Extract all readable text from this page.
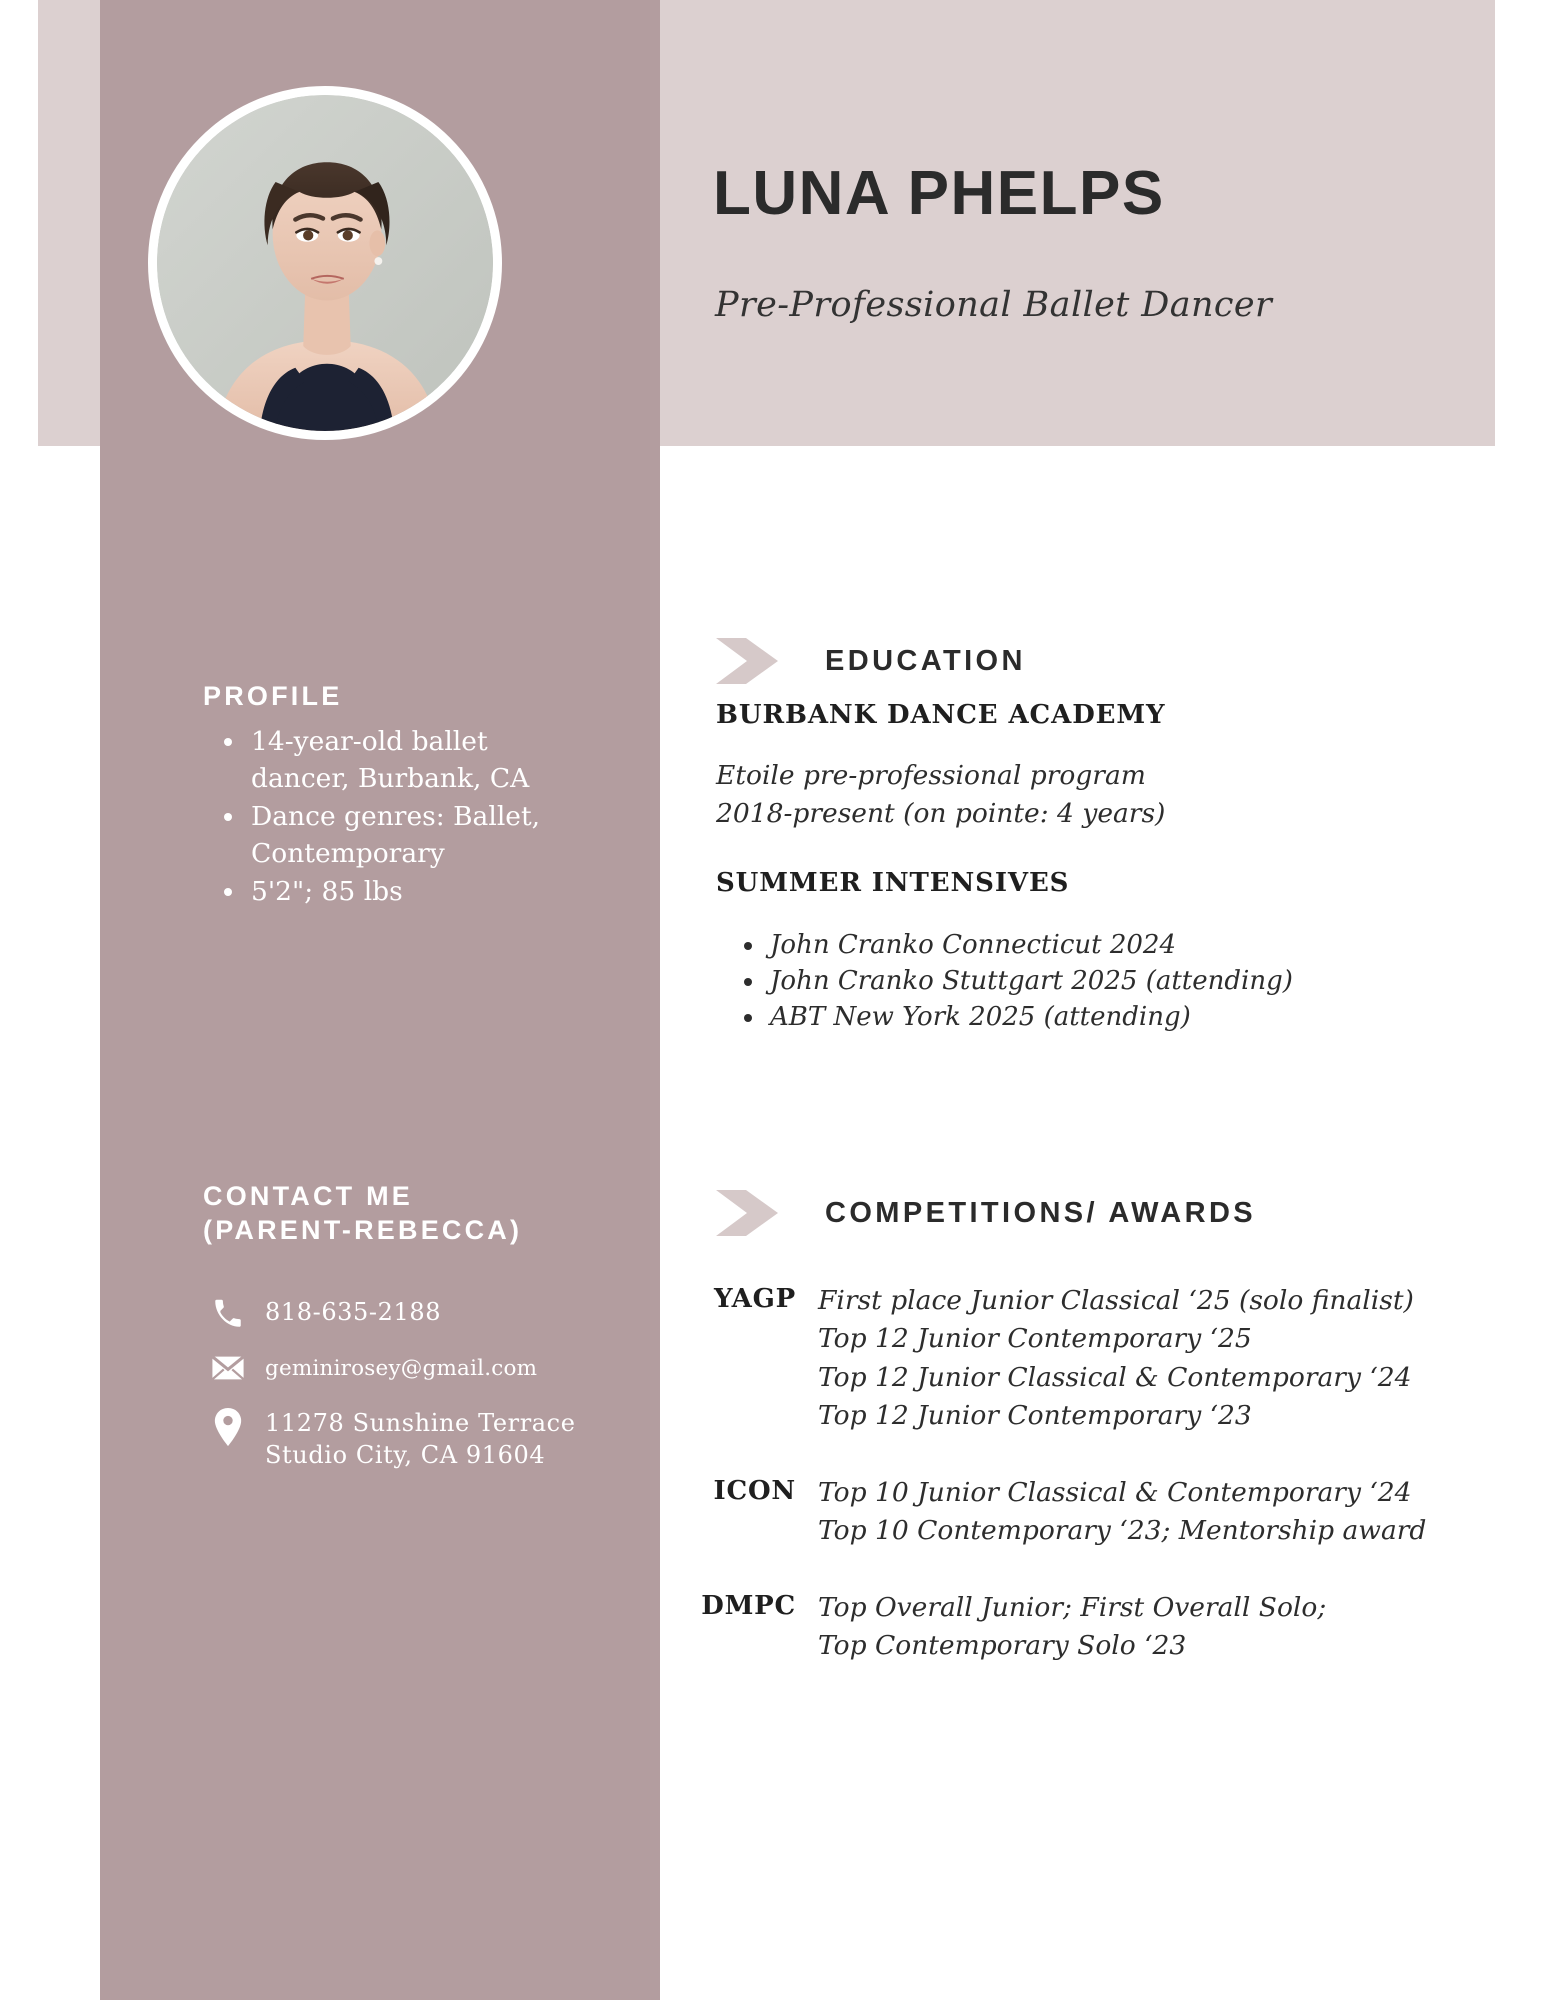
LUNA PHELPS
Pre-Professional Ballet Dancer
PROFILE
• 14-year-old ballet dancer, Burbank, CA
• Dance genres: Ballet, Contemporary
• 5'2"; 85 lbs
CONTACT ME (PARENT-REBECCA)
818-635-2188
geminirosey@gmail.com
11278 Sunshine Terrace Studio City, CA 91604
EDUCATION
BURBANK DANCE ACADEMY
Etoile pre-professional program
2018-present (on pointe: 4 years)
SUMMER INTENSIVES
• John Cranko Connecticut 2024
• John Cranko Stuttgart 2025 (attending)
• ABT New York 2025 (attending)
COMPETITIONS/ AWARDS
YAGP First place Junior Classical ‘25 (solo finalist)
Top 12 Junior Contemporary ‘25
Top 12 Junior Classical & Contemporary ‘24
Top 12 Junior Contemporary ‘23
ICON Top 10 Junior Classical & Contemporary ‘24
Top 10 Contemporary ‘23; Mentorship award
DMPC Top Overall Junior; First Overall Solo; Top Contemporary Solo ‘23
